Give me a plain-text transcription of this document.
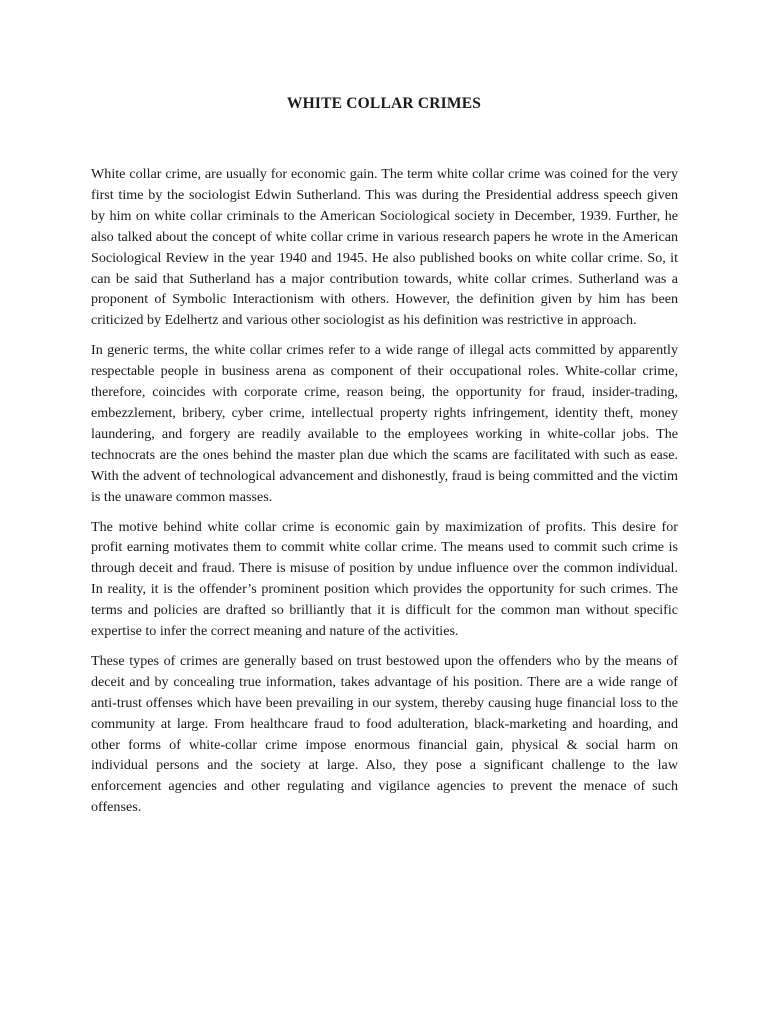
WHITE COLLAR CRIMES

White collar crime, are usually for economic gain. The term white collar crime was coined for the very first time by the sociologist Edwin Sutherland. This was during the Presidential address speech given by him on white collar criminals to the American Sociological society in December, 1939. Further, he also talked about the concept of white collar crime in various research papers he wrote in the American Sociological Review in the year 1940 and 1945. He also published books on white collar crime. So, it can be said that Sutherland has a major contribution towards, white collar crimes. Sutherland was a proponent of Symbolic Interactionism with others. However, the definition given by him has been criticized by Edelhertz and various other sociologist as his definition was restrictive in approach.

In generic terms, the white collar crimes refer to a wide range of illegal acts committed by apparently respectable people in business arena as component of their occupational roles. White-collar crime, therefore, coincides with corporate crime, reason being, the opportunity for fraud, insider-trading, embezzlement, bribery, cyber crime, intellectual property rights infringement, identity theft, money laundering, and forgery are readily available to the employees working in white-collar jobs. The technocrats are the ones behind the master plan due which the scams are facilitated with such as ease. With the advent of technological advancement and dishonestly, fraud is being committed and the victim is the unaware common masses.

The motive behind white collar crime is economic gain by maximization of profits. This desire for profit earning motivates them to commit white collar crime. The means used to commit such crime is through deceit and fraud. There is misuse of position by undue influence over the common individual. In reality, it is the offender’s prominent position which provides the opportunity for such crimes. The terms and policies are drafted so brilliantly that it is difficult for the common man without specific expertise to infer the correct meaning and nature of the activities.

These types of crimes are generally based on trust bestowed upon the offenders who by the means of deceit and by concealing true information, takes advantage of his position. There are a wide range of anti-trust offenses which have been prevailing in our system, thereby causing huge financial loss to the community at large. From healthcare fraud to food adulteration, black-marketing and hoarding, and other forms of white-collar crime impose enormous financial gain, physical & social harm on individual persons and the society at large. Also, they pose a significant challenge to the law enforcement agencies and other regulating and vigilance agencies to prevent the menace of such offenses.
